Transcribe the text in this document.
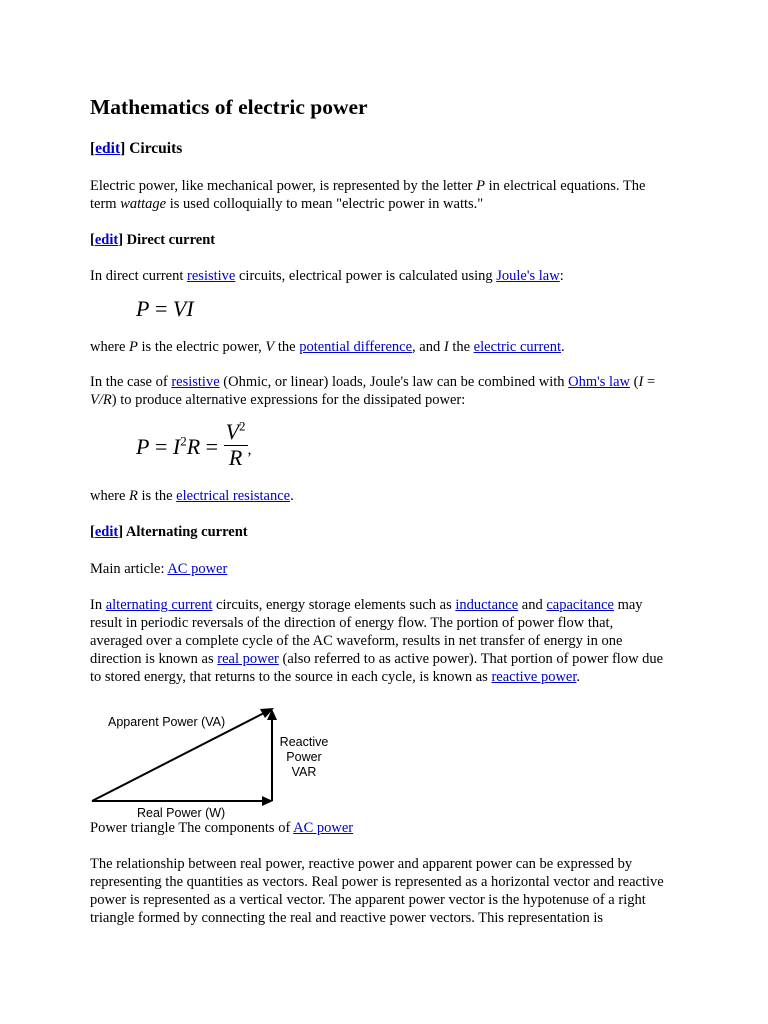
Mathematics of electric power
[edit] Circuits

Electric power, like mechanical power, is represented by the letter P in electrical equations. The term wattage is used colloquially to mean "electric power in watts."

[edit] Direct current

In direct current resistive circuits, electrical power is calculated using Joule's law:

P = VI

where P is the electric power, V the potential difference, and I the electric current.

In the case of resistive (Ohmic, or linear) loads, Joule's law can be combined with Ohm's law (I = V/R) to produce alternative expressions for the dissipated power:

$P = I^2R = \frac{V^2}{R}$ ,

where R is the electrical resistance.

[edit] Alternating current

Main article: AC power

In alternating current circuits, energy storage elements such as inductance and capacitance may result in periodic reversals of the direction of energy flow. The portion of power flow that, averaged over a complete cycle of the AC waveform, results in net transfer of energy in one direction is known as real power (also referred to as active power). That portion of power flow due to stored energy, that returns to the source in each cycle, is known as reactive power.

Power triangle The components of AC power

The relationship between real power, reactive power and apparent power can be expressed by representing the quantities as vectors. Real power is represented as a horizontal vector and reactive power is represented as a vertical vector. The apparent power vector is the hypotenuse of a right triangle formed by connecting the real and reactive power vectors. This representation is

Apparent Power (VA)
Reactive
Power
VAR
Real Power (W)
